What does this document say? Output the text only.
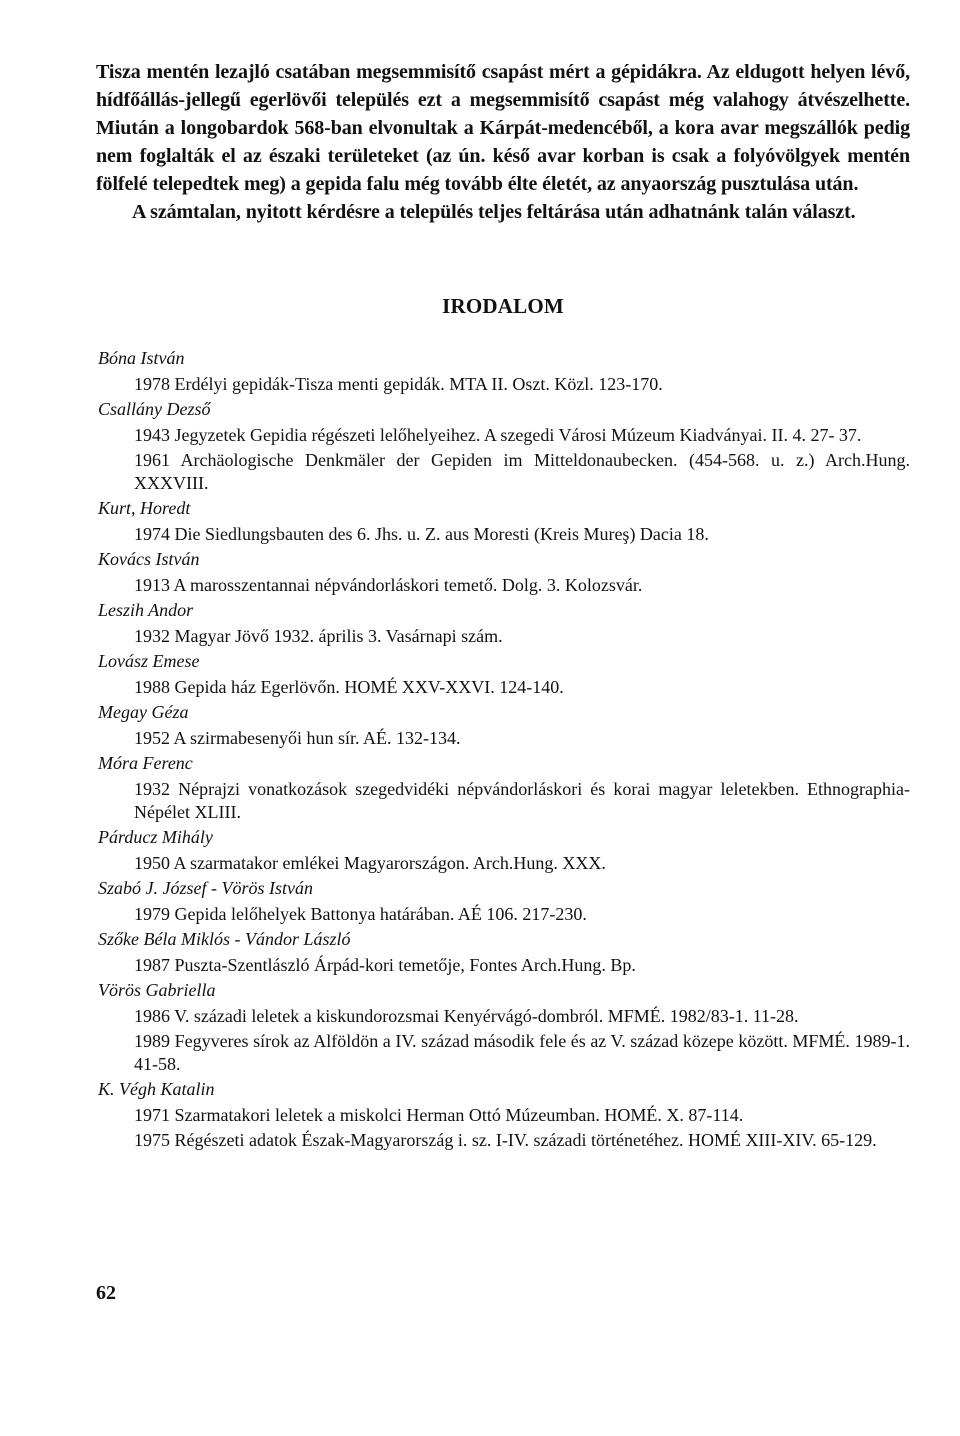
Tisza mentén lezajló csatában megsemmisítő csapást mért a gépidákra. Az eldugott helyen lévő, hídfőállás-jellegű egerlövői település ezt a megsemmisítő csapást még valahogy átvészelhette. Miután a longobardok 568-ban elvonultak a Kárpát-medencéből, a kora avar megszállók pedig nem foglalták el az északi területeket (az ún. késő avar korban is csak a folyóvölgyek mentén fölfelé telepedtek meg) a gepida falu még tovább élte életét, az anyaország pusztulása után.

A számtalan, nyitott kérdésre a település teljes feltárása után adhatnánk talán választ.

IRODALOM

Bóna István

1978 Erdélyi gepidák-Tisza menti gepidák. MTA II. Oszt. Közl. 123-170.

Csallány Dezső

1943 Jegyzetek Gepidia régészeti lelőhelyeihez. A szegedi Városi Múzeum Kiadványai. II. 4. 27- 37.

1961 Archäologische Denkmäler der Gepiden im Mitteldonaubecken. (454-568. u. z.) Arch.Hung. XXXVIII.

Kurt, Horedt

1974 Die Siedlungsbauten des 6. Jhs. u. Z. aus Moresti (Kreis Mureş) Dacia 18.

Kovács István

1913 A marosszentannai népvándorláskori temető. Dolg. 3. Kolozsvár.

Leszih Andor

1932 Magyar Jövő 1932. április 3. Vasárnapi szám.

Lovász Emese

1988 Gepida ház Egerlövőn. HOMÉ XXV-XXVI. 124-140.

Megay Géza

1952 A szirmabesenyői hun sír. AÉ. 132-134.

Móra Ferenc

1932 Néprajzi vonatkozások szegedvidéki népvándorláskori és korai magyar leletekben. Ethnographia-Népélet XLIII.

Párducz Mihály

1950 A szarmatakor emlékei Magyarországon. Arch.Hung. XXX.

Szabó J. József - Vörös István

1979 Gepida lelőhelyek Battonya határában. AÉ 106. 217-230.

Szőke Béla Miklós - Vándor László

1987 Puszta-Szentlászló Árpád-kori temetője, Fontes Arch.Hung. Bp.

Vörös Gabriella

1986 V. századi leletek a kiskundorozsmai Kenyérvágó-dombról. MFMÉ. 1982/83-1. 11-28.

1989 Fegyveres sírok az Alföldön a IV. század második fele és az V. század közepe között. MFMÉ. 1989-1. 41-58.

K. Végh Katalin

1971 Szarmatakori leletek a miskolci Herman Ottó Múzeumban. HOMÉ. X. 87-114.

1975 Régészeti adatok Észak-Magyarország i. sz. I-IV. századi történetéhez. HOMÉ XIII-XIV. 65-129.

62
